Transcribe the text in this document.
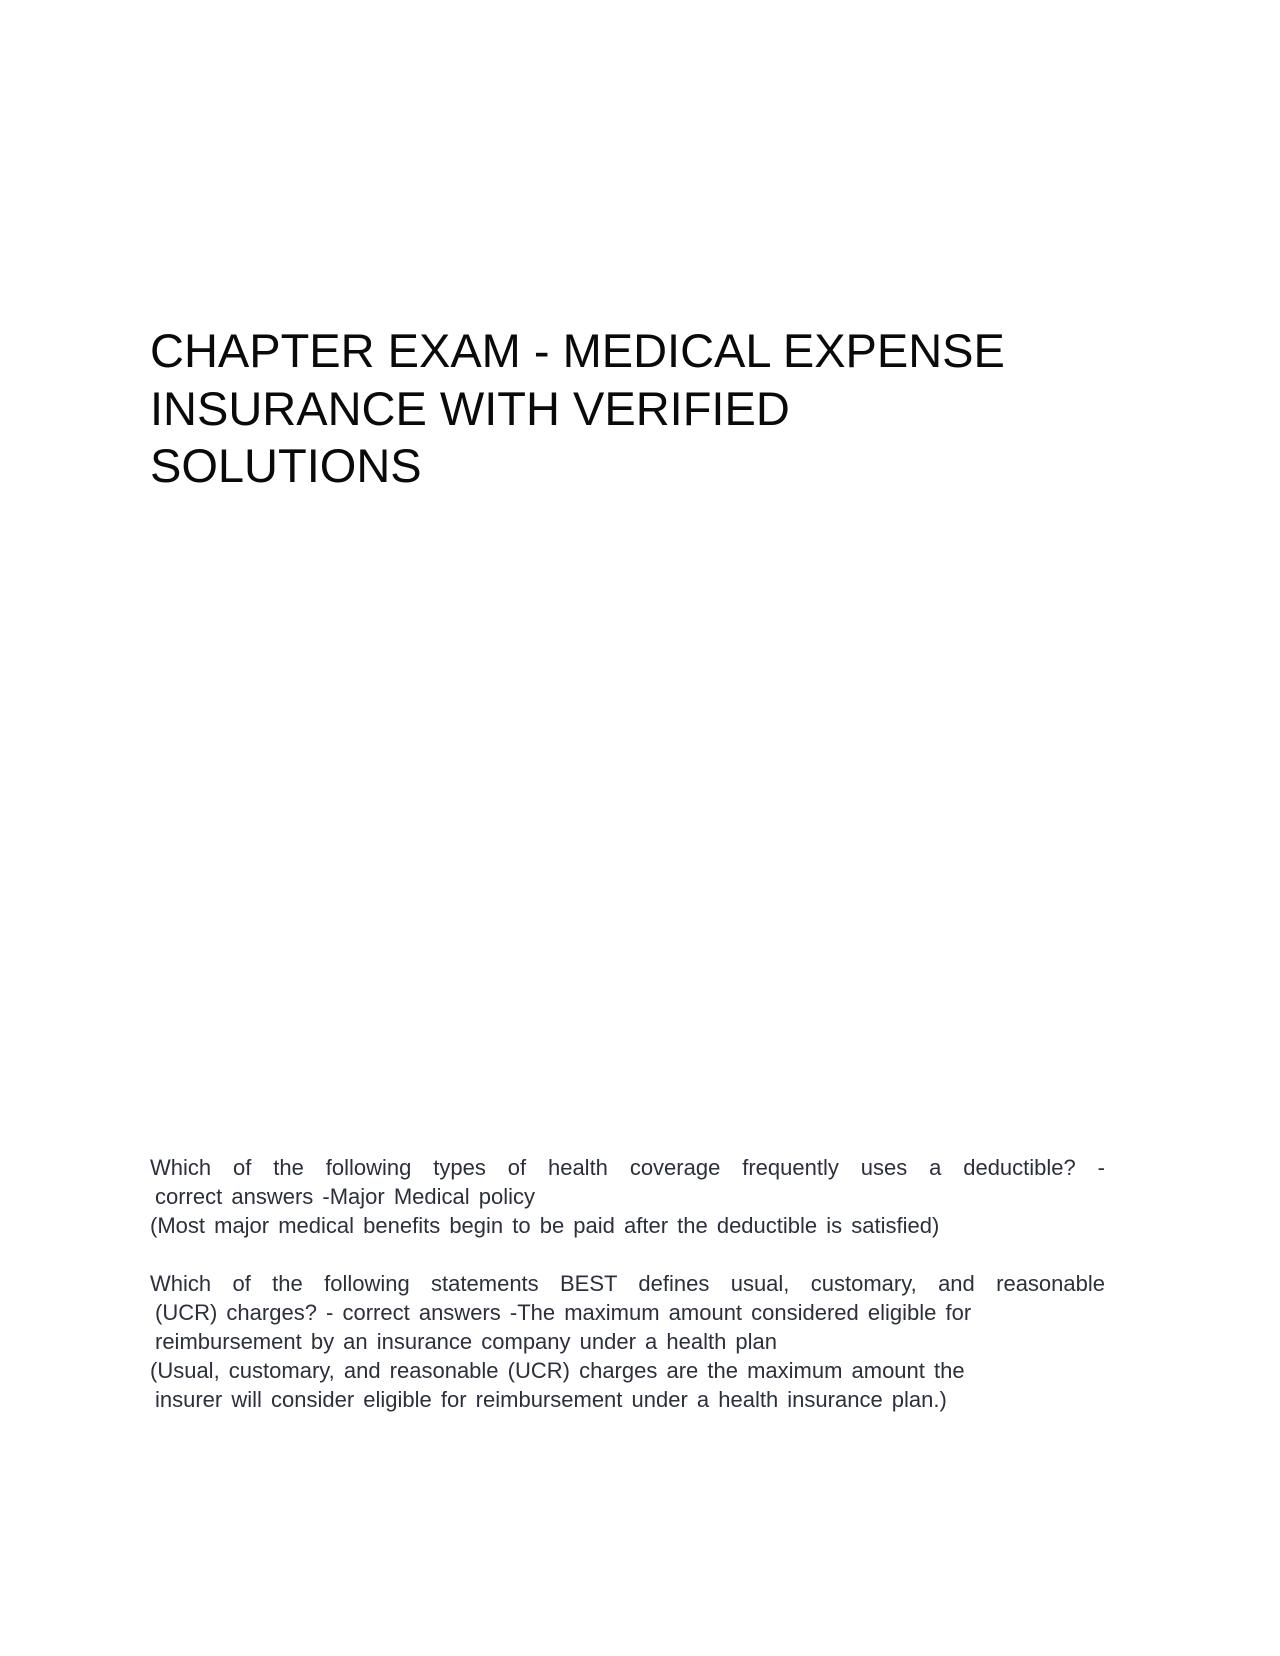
CHAPTER EXAM - MEDICAL EXPENSE
INSURANCE WITH VERIFIED
SOLUTIONS
Which of the following types of health coverage frequently uses a deductible? -
correct answers -Major Medical policy
(Most major medical benefits begin to be paid after the deductible is satisfied)
Which of the following statements BEST defines usual, customary, and reasonable
(UCR) charges? - correct answers -The maximum amount considered eligible for
reimbursement by an insurance company under a health plan
(Usual, customary, and reasonable (UCR) charges are the maximum amount the
insurer will consider eligible for reimbursement under a health insurance plan.)
